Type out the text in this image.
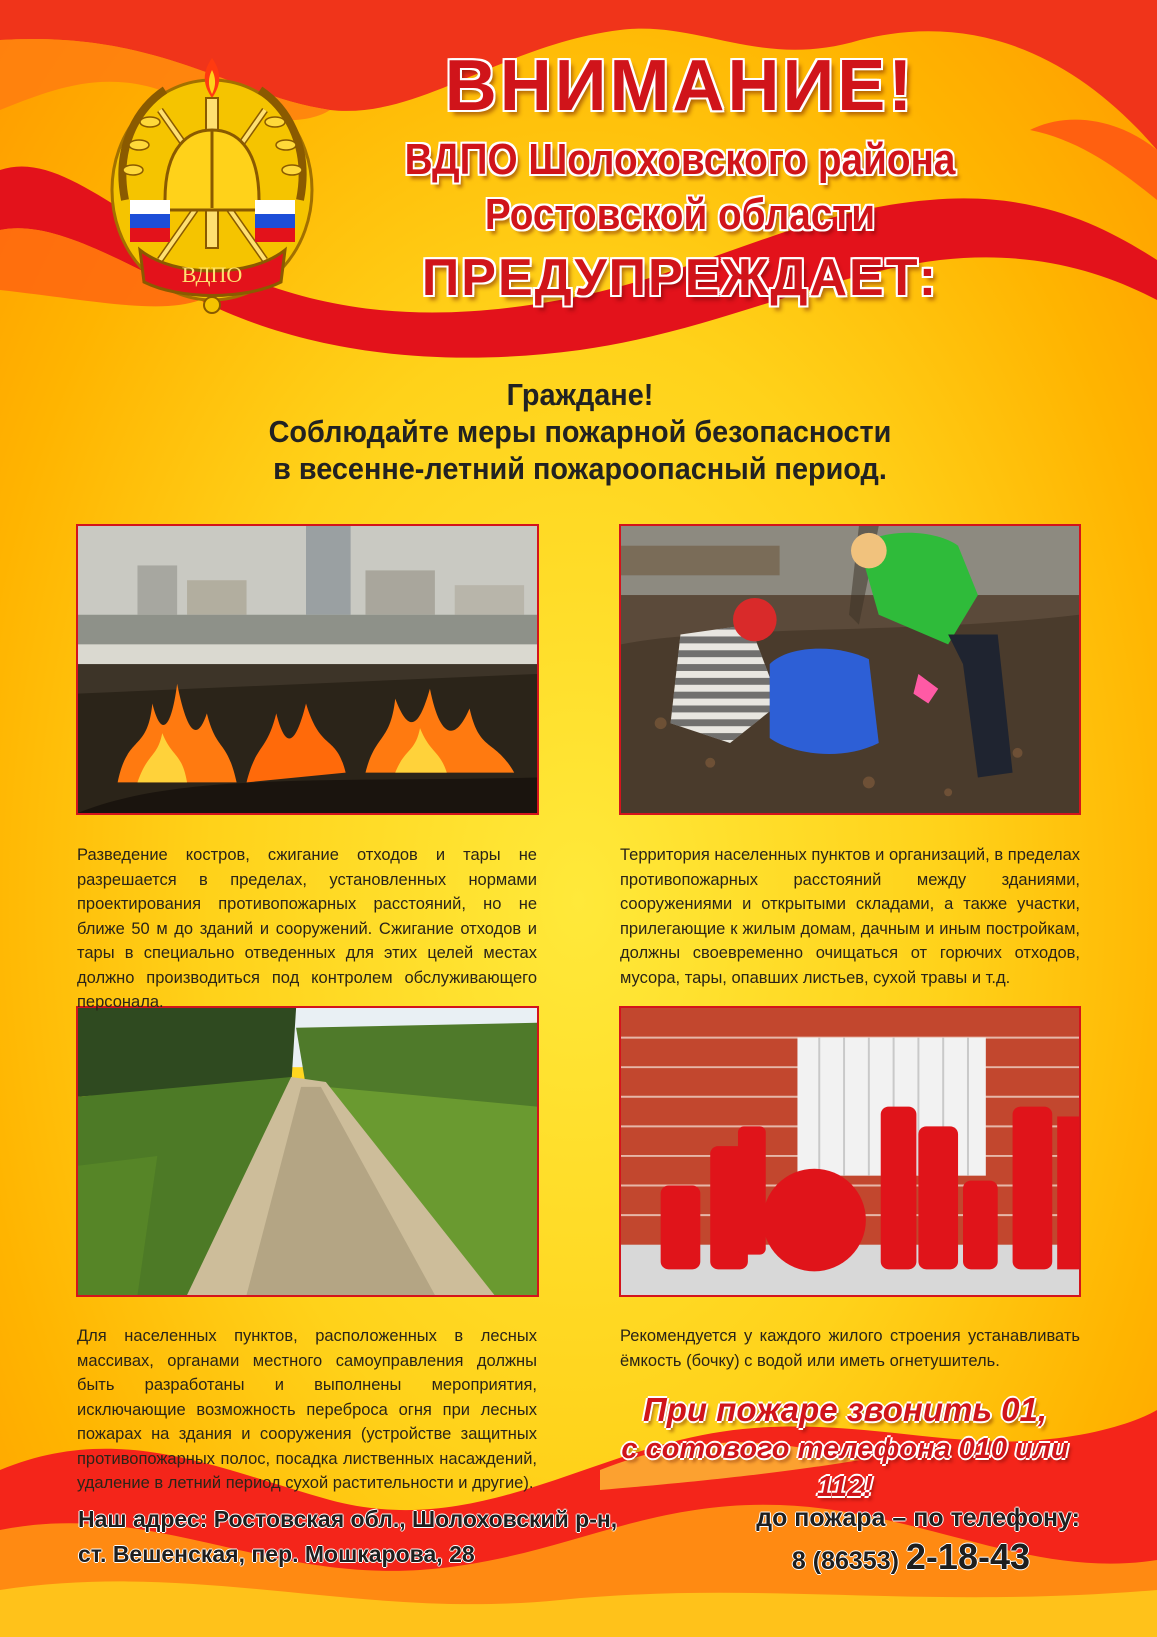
ВДПО
ВНИМАНИЕ!
ВДПО Шолоховского района
Ростовской области
ПРЕДУПРЕЖДАЕТ:
Граждане!
Соблюдайте меры пожарной безопасности
в весенне-летний пожароопасный период.

Разведение костров, сжигание отходов и тары не разрешается в пределах, установленных нормами проектирования противопожарных расстояний, но не ближе 50 м до зданий и сооружений. Сжигание отходов и тары в специально отведенных для этих целей местах должно производиться под контролем обслуживающего персонала.

Территория населенных пунктов и организаций, в пределах противопожарных расстояний между зданиями, сооружениями и открытыми складами, а также участки, прилегающие к жилым домам, дачным и иным постройкам, должны своевременно очищаться от горючих отходов, мусора, тары, опавших листьев, сухой травы и т.д.

Для населенных пунктов, расположенных в лесных массивах, органами местного самоуправления должны быть разработаны и выполнены мероприятия, исключающие возможность переброса огня при лесных пожарах на здания и сооружения (устройстве защитных противопожарных полос, посадка лиственных насаждений, удаление в летний период сухой растительности и другие).

Рекомендуется у каждого жилого строения устанавливать ёмкость (бочку) с водой или иметь огнетушитель.

При пожаре звонить 01,
с сотового телефона 010 или 112!
Наш адрес: Ростовская обл., Шолоховский р-н,
ст. Вешенская, пер. Мошкарова, 28
до пожара – по телефону:
8 (86353) 2-18-43
